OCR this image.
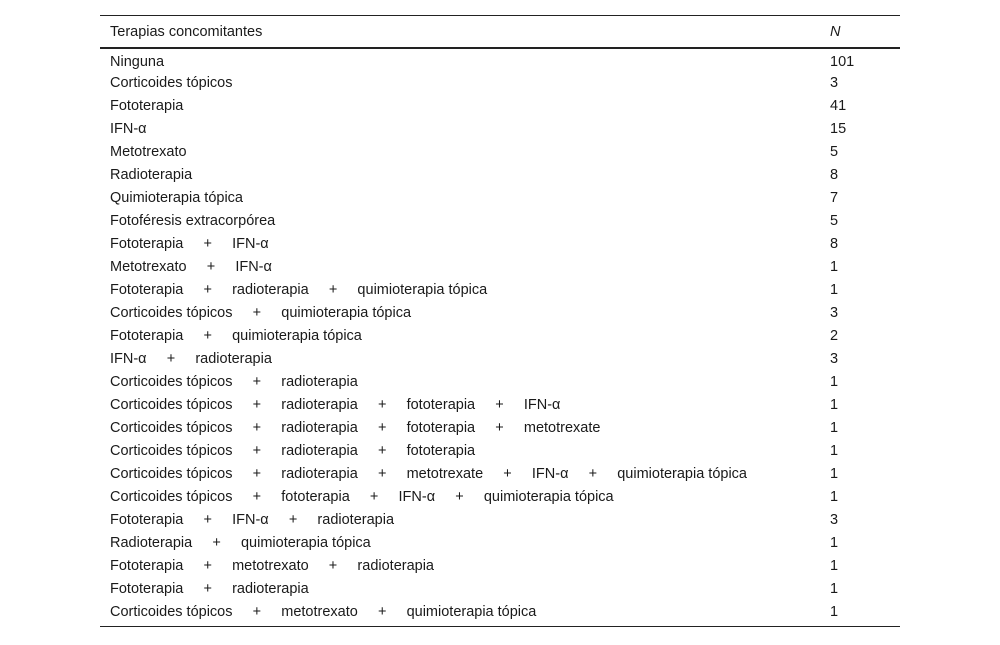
Terapias concomitantes	N
Ninguna	101
Corticoides tópicos	3
Fototerapia	41
IFN-α	15
Metotrexato	5
Radioterapia	8
Quimioterapia tópica	7
Fotoféresis extracorpórea	5
Fototerapia     +     IFN-α	8
Metotrexato     +     IFN-α	1
Fototerapia     +     radioterapia     +     quimioterapia tópica	1
Corticoides tópicos     +     quimioterapia tópica	3
Fototerapia     +     quimioterapia tópica	2
IFN-α     +     radioterapia	3
Corticoides tópicos     +     radioterapia	1
Corticoides tópicos     +     radioterapia     +     fototerapia     +     IFN-α	1
Corticoides tópicos     +     radioterapia     +     fototerapia     +     metotrexate	1
Corticoides tópicos     +     radioterapia     +     fototerapia	1
Corticoides tópicos     +     radioterapia     +     metotrexate     +     IFN-α     +     quimioterapia tópica	1
Corticoides tópicos     +     fototerapia     +     IFN-α     +     quimioterapia tópica	1
Fototerapia     +     IFN-α     +     radioterapia	3
Radioterapia     +     quimioterapia tópica	1
Fototerapia     +     metotrexato     +     radioterapia	1
Fototerapia     +     radioterapia	1
Corticoides tópicos     +     metotrexato     +     quimioterapia tópica	1
